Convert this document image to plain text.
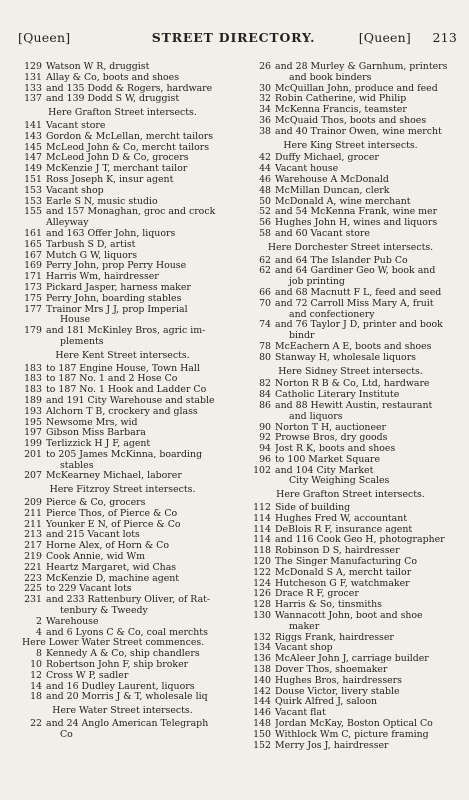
[Queen]	STREET DIRECTORY.	[Queen] 213
129 Watson W R, druggist
131 Allay & Co, boots and shoes
133 and 135 Dodd & Rogers, hardware
137 and 139 Dodd S W, druggist
Here Grafton Street intersects.
141 Vacant store
143 Gordon & McLellan, mercht tailors
145 McLeod John & Co, mercht tailors
147 McLeod John D & Co, grocers
149 McKenzie J T, merchant tailor
151 Ross Joseph K, insur agent
153 Vacant shop
153 Earle S N, music studio
155 and 157 Monaghan, groc and crock
Alleyway
161 and 163 Offer John, liquors
165 Tarbush S D, artist
167 Mutch G W, liquors
169 Perry John, prop Perry House
171 Harris Wm, hairdresser
173 Pickard Jasper, harness maker
175 Perry John, boarding stables
177 Trainor Mrs J J, prop Imperial
House
179 and 181 McKinley Bros, agric im-
plements
Here Kent Street intersects.
183 to 187 Engine House, Town Hall
183 to 187 No. 1 and 2 Hose Co
183 to 187 No. 1 Hook and Ladder Co
189 and 191 City Warehouse and stable
193 Alchorn T B, crockery and glass
195 Newsome Mrs, wid
197 Gibson Miss Barbara
199 Terlizzick H J F, agent
201 to 205 James McKinna, boarding
stables
207 McKearney Michael, laborer
Here Fitzroy Street intersects.
209 Pierce & Co, grocers
211 Pierce Thos, of Pierce & Co
211 Younker E N, of Pierce & Co
213 and 215 Vacant lots
217 Horne Alex, of Horn & Co
219 Cook Annie, wid Wm
221 Heartz Margaret, wid Chas
223 McKenzie D, machine agent
225 to 229 Vacant lots
231 and 233 Rattenbury Oliver, of Rat-
tenbury & Tweedy
2 Warehouse
4 and 6 Lyons C & Co, coal merchts
Here Lower Water Street commences.
8 Kennedy A & Co, ship chandlers
10 Robertson John F, ship broker
12 Cross W P, sadler
14 and 16 Dudley Laurent, liquors
18 and 20 Morris J & T, wholesale liq
Here Water Street intersects.
22 and 24 Anglo American Telegraph
Co
26 and 28 Murley & Garnhum, printers
and book binders
30 McQuillan John, produce and feed
32 Robin Catherine, wid Philip
34 McKenna Francis, teamster
36 McQuaid Thos, boots and shoes
38 and 40 Trainor Owen, wine mercht
Here King Street intersects.
42 Duffy Michael, grocer
44 Vacant house
46 Warehouse A McDonald
48 McMillan Duncan, clerk
50 McDonald A, wine merchant
52 and 54 McKenna Frank, wine mer
56 Hughes John H, wines and liquors
58 and 60 Vacant store
Here Dorchester Street intersects.
62 and 64 The Islander Pub Co
62 and 64 Gardiner Geo W, book and
job printing
66 and 68 Macnutt F L, feed and seed
70 and 72 Carroll Miss Mary A, fruit
and confectionery
74 and 76 Taylor J D, printer and book
bindr
78 McEachern A E, boots and shoes
80 Stanway H, wholesale liquors
Here Sidney Street intersects.
82 Norton R B & Co, Ltd, hardware
84 Catholic Literary Institute
86 and 88 Hewitt Austin, restaurant
and liquors
90 Norton T H, auctioneer
92 Prowse Bros, dry goods
94 Jost R K, boots and shoes
96 to 100 Market Square
102 and 104 City Market
City Weighing Scales
Here Grafton Street intersects.
112 Side of building
114 Hughes Fred W, accountant
114 DeBlois R F, insurance agent
114 and 116 Cook Geo H, photographer
118 Robinson D S, hairdresser
120 The Singer Manufacturing Co
122 McDonald S A, mercht tailor
124 Hutcheson G F, watchmaker
126 Drace R F, grocer
128 Harris & So, tinsmiths
130 Wannacott John, boot and shoe
maker
132 Riggs Frank, hairdresser
134 Vacant shop
136 McAleer John J, carriage builder
138 Dover Thos, shoemaker
140 Hughes Bros, hairdressers
142 Douse Victor, livery stable
144 Quirk Alfred J, saloon
146 Vacant flat
148 Jordan McKay, Boston Optical Co
150 Withlock Wm C, picture framing
152 Merry Jos J, hairdresser
